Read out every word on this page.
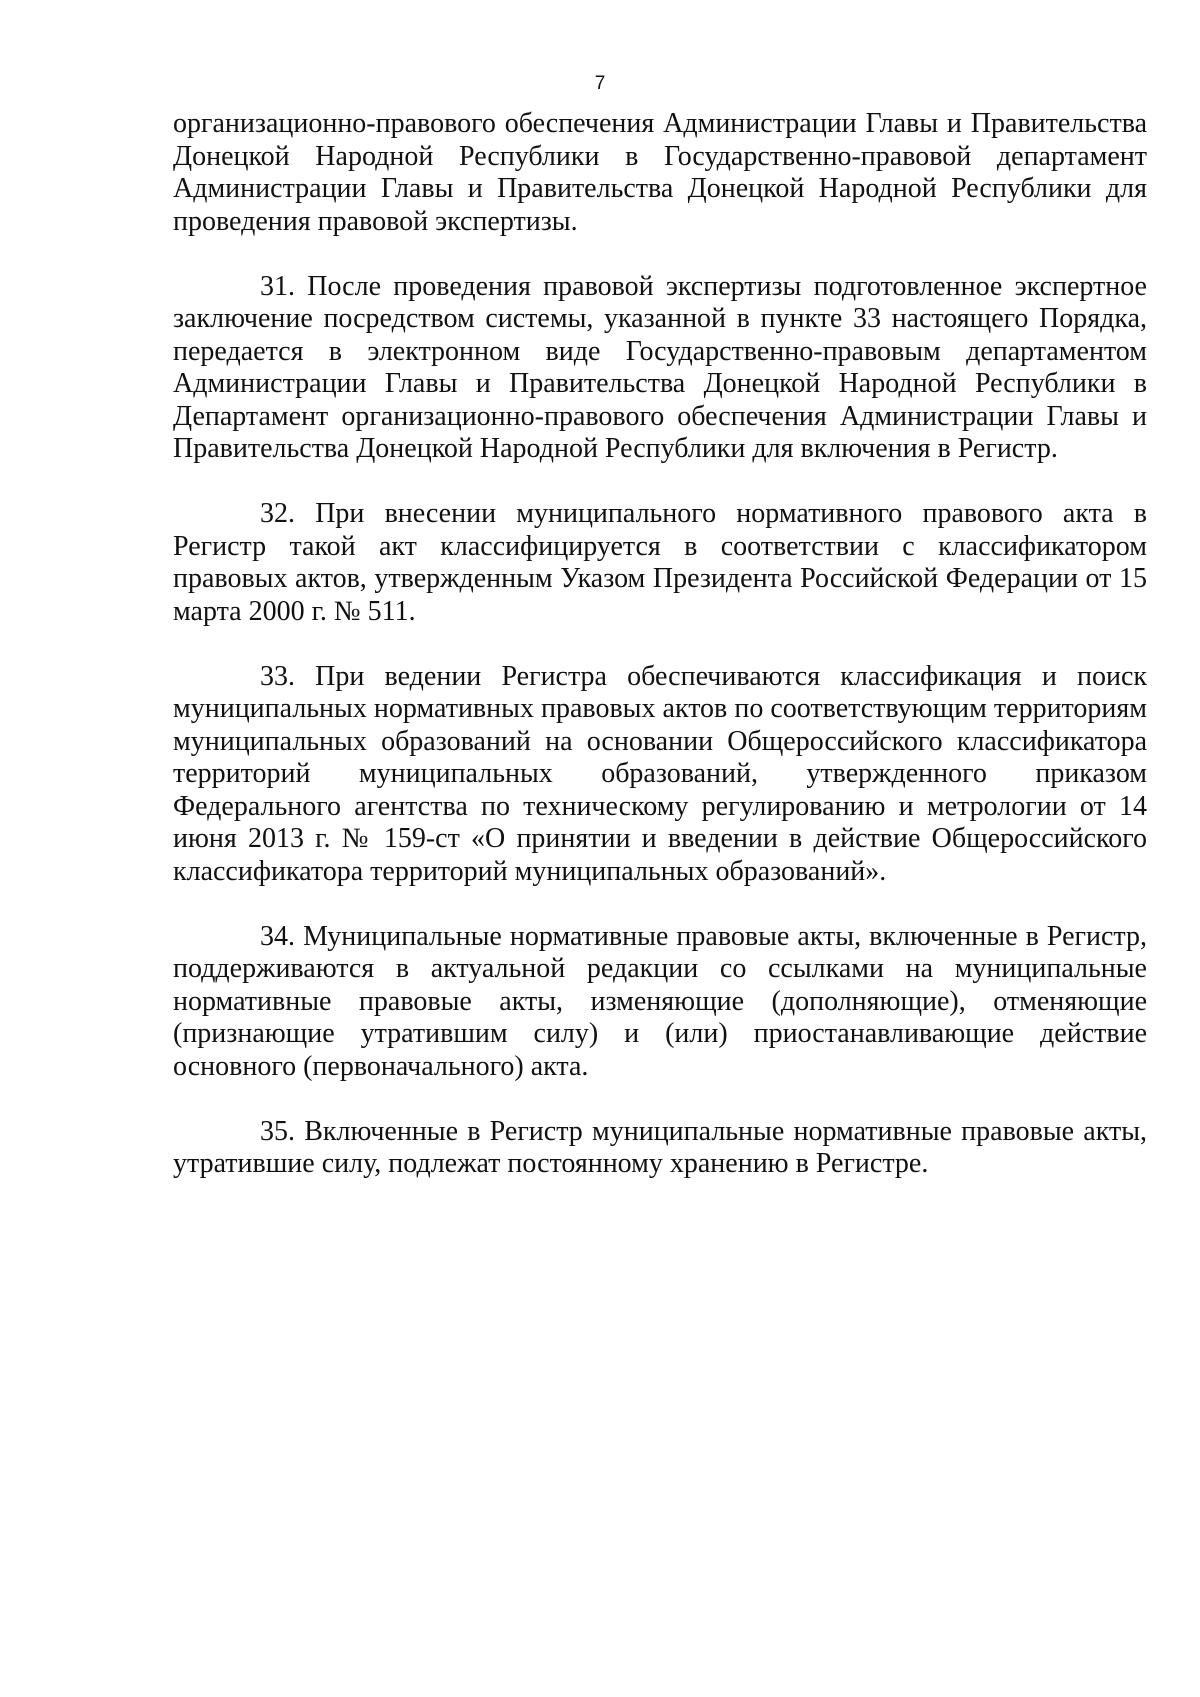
7

организационно-правового обеспечения Администрации Главы и Правительства Донецкой Народной Республики в Государственно-правовой департамент Администрации Главы и Правительства Донецкой Народной Республики для проведения правовой экспертизы.

31. После проведения правовой экспертизы подготовленное экспертное заключение посредством системы, указанной в пункте 33 настоящего Порядка, передается в электронном виде Государственно-правовым департаментом Администрации Главы и Правительства Донецкой Народной Республики в Департамент организационно-правового обеспечения Администрации Главы и Правительства Донецкой Народной Республики для включения в Регистр.

32. При внесении муниципального нормативного правового акта в Регистр такой акт классифицируется в соответствии с классификатором правовых актов, утвержденным Указом Президента Российской Федерации от 15 марта 2000 г. № 511.

33. При ведении Регистра обеспечиваются классификация и поиск муниципальных нормативных правовых актов по соответствующим территориям муниципальных образований на основании Общероссийского классификатора территорий муниципальных образований, утвержденного приказом Федерального агентства по техническому регулированию и метрологии от 14 июня 2013 г. № 159-ст «О принятии и введении в действие Общероссийского классификатора территорий муниципальных образований».

34. Муниципальные нормативные правовые акты, включенные в Регистр, поддерживаются в актуальной редакции со ссылками на муниципальные нормативные правовые акты, изменяющие (дополняющие), отменяющие (признающие утратившим силу) и (или) приостанавливающие действие основного (первоначального) акта.

35. Включенные в Регистр муниципальные нормативные правовые акты, утратившие силу, подлежат постоянному хранению в Регистре.
